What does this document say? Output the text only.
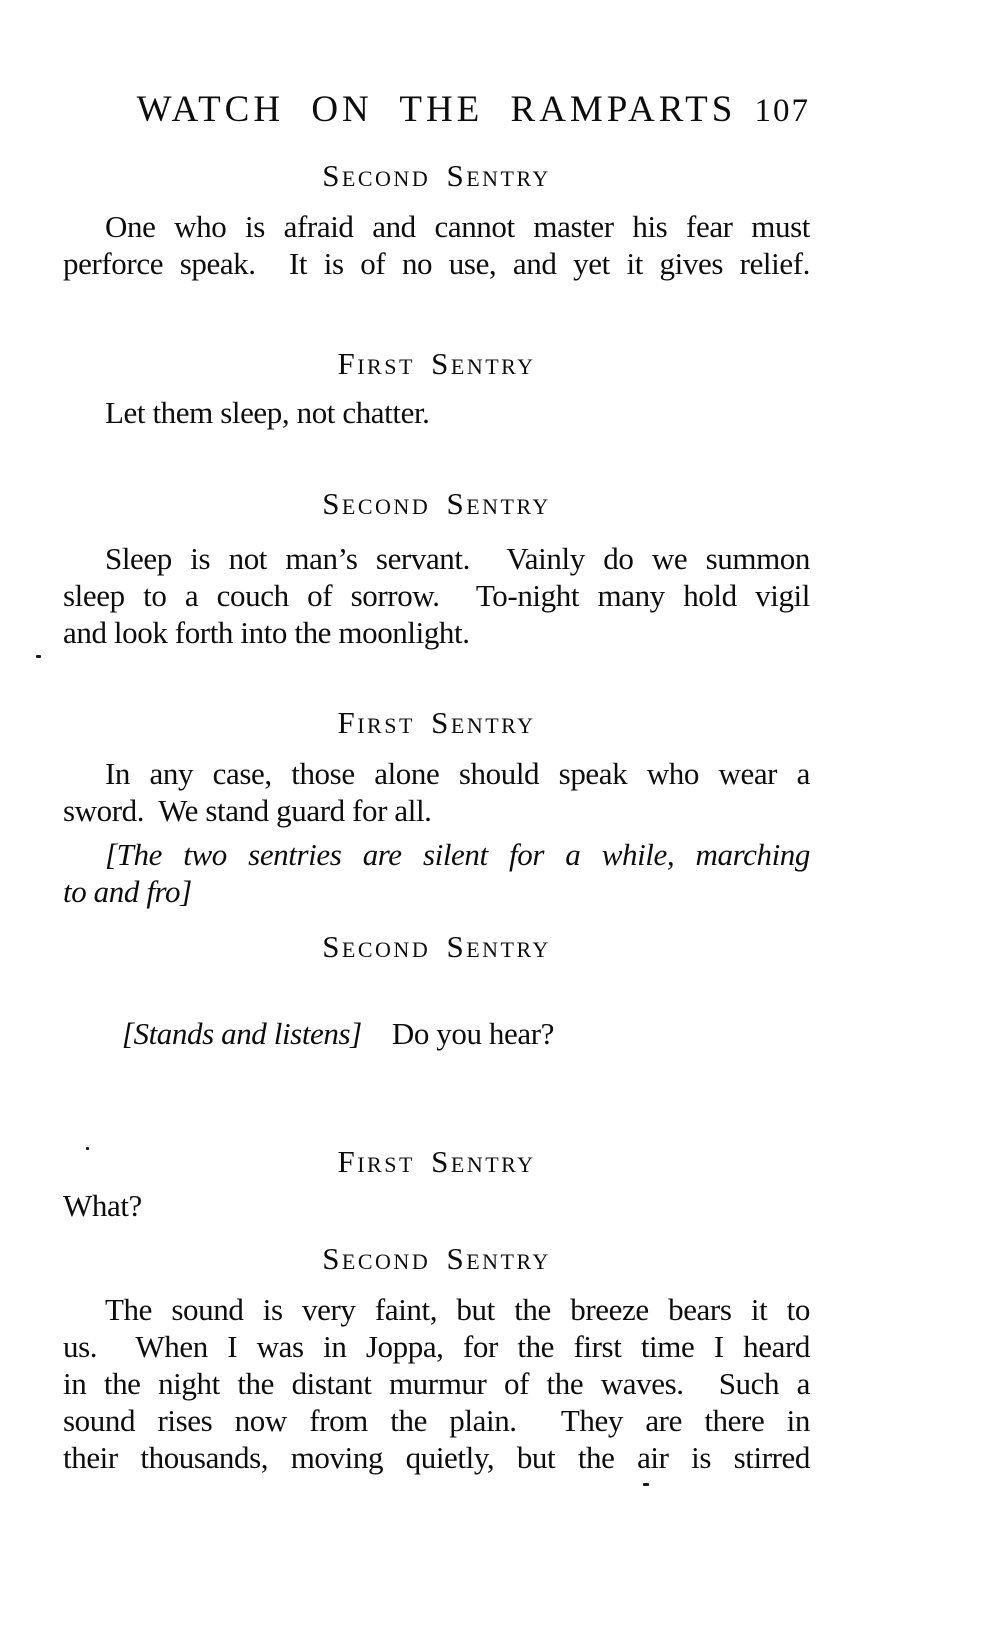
WATCH ON THE RAMPARTS 107
Second Sentry
One who is afraid and cannot master his fear must
perforce speak.  It is of no use, and yet it gives relief.
First Sentry
Let them sleep, not chatter.
Second Sentry
Sleep is not man’s servant.  Vainly do we summon
sleep to a couch of sorrow.  To-night many hold vigil
and look forth into the moonlight.
First Sentry
In any case, those alone should speak who wear a
sword.  We stand guard for all.
[The two sentries are silent for a while, marching
to and fro]
Second Sentry

[Stands and listens] Do you hear?

First Sentry
What?
Second Sentry
The sound is very faint, but the breeze bears it to
us.  When I was in Joppa, for the first time I heard
in the night the distant murmur of the waves.  Such a
sound rises now from the plain.  They are there in
their thousands, moving quietly, but the air is stirred
